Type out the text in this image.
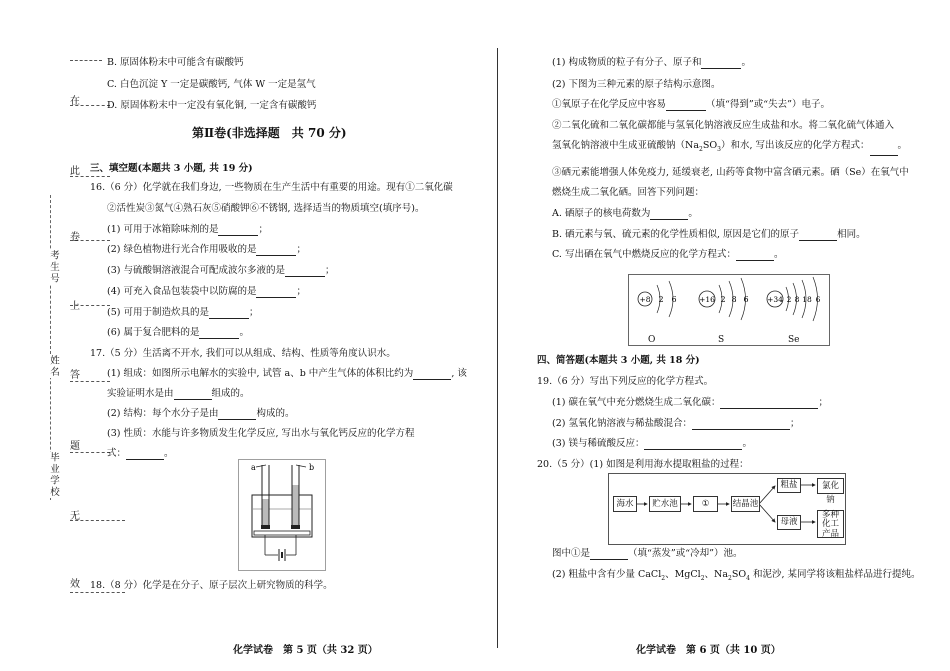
在
此
卷
上
答
题
无
效
毕业学校
姓名
考生号
B. 原固体粉末中可能含有碳酸钙
C. 白色沉淀 Y 一定是碳酸钙, 气体 W 一定是氢气
D. 原固体粉末中一定没有氧化铜, 一定含有碳酸钙
第Ⅱ卷(非选择题　共 70 分)
三、填空题(本题共 3 小题, 共 19 分)
16.（6 分）化学就在我们身边, 一些物质在生产生活中有重要的用途。现有①二氧化碳
②活性炭③氮气④熟石灰⑤硝酸钾⑥不锈钢, 选择适当的物质填空(填序号)。
(1) 可用于冰箱除味剂的是	；
(2) 绿色植物进行光合作用吸收的是	；
(3) 与硫酸铜溶液混合可配成波尔多液的是	；
(4) 可充入食品包装袋中以防腐的是	；
(5) 可用于制造炊具的是	；
(6) 属于复合肥料的是	。
17.（5 分）生活离不开水, 我们可以从组成、结构、性质等角度认识水。
(1) 组成：如图所示电解水的实验中, 试管 a、b 中产生气体的体积比约为	, 该
实验证明水是由	组成的。
(2) 结构：每个水分子是由	构成的。
(3) 性质：水能与许多物质发生化学反应, 写出水与氧化钙反应的化学方程
式：	。
a	b
18.（8 分）化学是在分子、原子层次上研究物质的科学。
化学试卷　第 5 页（共 32 页）
(1) 构成物质的粒子有分子、原子和	。
(2) 下图为三种元素的原子结构示意图。
①氧原子在化学反应中容易	（填“得到”或“失去”）电子。
②二氧化硫和二氧化碳都能与氢氧化钠溶液反应生成盐和水。将二氧化硫气体通入
氢氧化钠溶液中生成亚硫酸钠$(Na_2SO_3)$和水, 写出该反应的化学方程式：	。
③硒元素能增强人体免疫力, 延缓衰老, 山药等食物中富含硒元素。硒（Se）在氧气中
燃烧生成二氧化硒。回答下列问题：
A. 硒原子的核电荷数为	。
B. 硒元素与氧、硫元素的化学性质相似, 原因是它们的原子	相同。
C. 写出硒在氧气中燃烧反应的化学方程式：	。
+8 2 6	+16 2 8 6 +34 2 8 18 6
O	S	Se
四、简答题(本题共 3 小题, 共 18 分)
19.（6 分）写出下列反应的化学方程式。
(1) 碳在氧气中充分燃烧生成二氧化碳：	；
(2) 氢氧化钠溶液与稀盐酸混合：	；
(3) 镁与稀硫酸反应：	。
20.（5 分）(1) 如图是利用海水提取粗盐的过程：
海水	贮水池	①	结晶池
粗盐	氯化钠
母液
多种化工产品
图中①是	（填“蒸发”或“冷却”）池。
(2) 粗盐中含有少量 CaCl$_2$、MgCl$_2$、$Na_2SO_4$ 和泥沙, 某同学将该粗盐样品进行提纯。
化学试卷　第 6 页（共 10 页）
